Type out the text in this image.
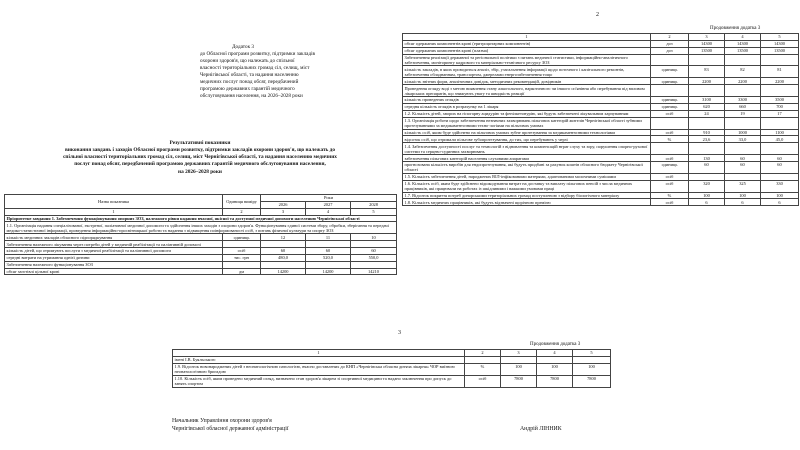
Додаток 3
до Обласної програми розвитку, підтримки закладів
охорони здоров'я, що належать до спільної
власності територіальних громад сіл, селищ, міст
Чернігівської області, та надання населенню
медичних послуг понад обсяг, передбачений
програмою державних гарантій медичного
обслуговування населення, на 2026–2028 роки
Результативні показники
виконання завдань і заходів Обласної програми розвитку, підтримки закладів охорони здоров'я, що належать до
спільної власності територіальних громад сіл, селищ, міст Чернігівської області, та надання населенню медичних
послуг понад обсяг, передбачений програмою державних гарантій медичного обслуговування населення,
на 2026–2028 роки
Назва показника	Одиниця виміру	Роки		
		2026	2027	2028
1	2	3	4	5
Пріоритетне завдання 1. Забезпечення функціонування опорних ЗОЗ, належного рівня надання вчасної, якісної та доступної медичної допомоги населенню Чернігівської області				
1.1. Організація надання спеціалізованої, екстреної, паліативної медичної допомоги та здійснення інших заходів з охорони здоров'я. Функціонування єдиної системи збору, обробки, зберігання та передачі медико-статистичної інформації, проведення інформаційно-просвітницької роботи та надання з підвищення поінформованості осіб, з питань фізичної культури та спорту ЗОЗ				
кількість медичних закладів обласного підпорядкування	одиниць	12	11	10
Забезпечення належного лікування через потреби дітей у медичній реабілітації та паліативній допомозі				
кількість дітей, що отримують послуги з медичної реабілітації та паліативної допомоги	осіб	60	60	60
середні витрати на утримання однієї дитини	тис. грн	480,0	520,0	550,0
Забезпечення належного функціонування ЗОЗ				
обсяг заготівлі цільної крові	дм	14200	14200	14210
2
Продовження додатка 3
1	2	3	4	5
обсяг одержаних компонентів крові (еритроцитарних компонентів)	доз	14300	14300	14300
обсяг одержаних компонентів крові (плазма)	доз	13500	13500	13500
Забезпечення реалізації державної та регіональної політики з питань медичної статистики, інформаційно-аналітичного забезпечення, моніторингу кадрового та матеріально-технічного ресурсу ЗОЗ				
кількість закладів, в яких проводиться аналіз, збір, узагальнення інформації щодо поточного і капітального ремонтів, забезпечення обладнанням, транспортом, джерелами енергозабезпечення тощо	одиниць	83	82	81
кількість звітних форм, аналітичних довідок, методичних рекомендацій, довідників	одиниць	2200	2200	2200
Проведення огляду воді з метою виявлення стану алкогольного, наркотичного чи іншого сп'яніння або перебування під впливом лікарських препаратів, що знижують увагу та швидкість реакції				
кількість проведених оглядів	одиниць	3100	3300	3500
середня кількість оглядів в розрахунку на 1 лікаря	одиниць	620	660	700
1.2. Кількість дітей, хворих на гіпогарну ацидурію та фенілкетонурію, які будуть забезпечені лікувальним харчуванням	осіб	24	19	17
1.3. Організація роботи щодо забезпечення незначних захворювань пільгових категорій жителів Чернігівської області зубними протезуваннями за медикаментозними техно-логіями на пільгових умовах				
кількість осіб, яким буде здійснено на пільгових умовах зубне протезування за медикаментозними технологіями	осіб	910	1000	1100
відсоток осіб, що отримали пільгове зубопротезування, до тих, що перебувають у черзі	%	23,6	33,0	45,0
1.4. Забезпечення доступності послуг та технологій з відновлення та компенсацій втрат слуху та зору, порушення опорно-рухової системи та серцево-судинних захворювань				
забезпечення пільгових категорій населення слуховими апаратами	осіб	130	60	60
прогнозована кількість виробів для ендопротезування, які будуть придбані за рахунок коштів обласного бюджету Чернігівської області	одиниць	60	60	60
1.5. Кількість забезпечення дітей, народжених ВІЛ-інфікованими матерями, адаптованими молочними сумішами	осіб			
1.6. Кількість осіб, яким буде здійснено відшкодування витрат на доставку та виплату пільгових пенсій з числа медичних працівників, які працювали на роботах із шкідливими і важкими умовами праці	осіб	320	325	330
1.7. Відсоток покриття потреб донорськими територіальних громад поступленою з відбору біологічного матеріалу	%	100	100	100
1.8. Кількість медичних працівників, які будуть відзначені щорічною премією	осіб	6	6	6
3
Продовження додатка 3
1	2	3	4	5
імені І.В. Буяльського				
1.9. Відсоток новонароджених дітей з неонатологічною патологією, вчасно доставлених до КНП «Чернігівська обласна дитяча лікарня» ЧОР виїзною неонатологічною бригадою	%	100	100	100
1.10. Кількість осіб, яким проведено медичний огляд, визначено стан здоров'я лікарем зі спортивної медицини та надано заключення про допуск до занять спортом	осіб	7800	7800	7800
Начальник Управління охорони здоров'я
Чернігівської обласної державної адміністрації	Андрій ЛІННИК
